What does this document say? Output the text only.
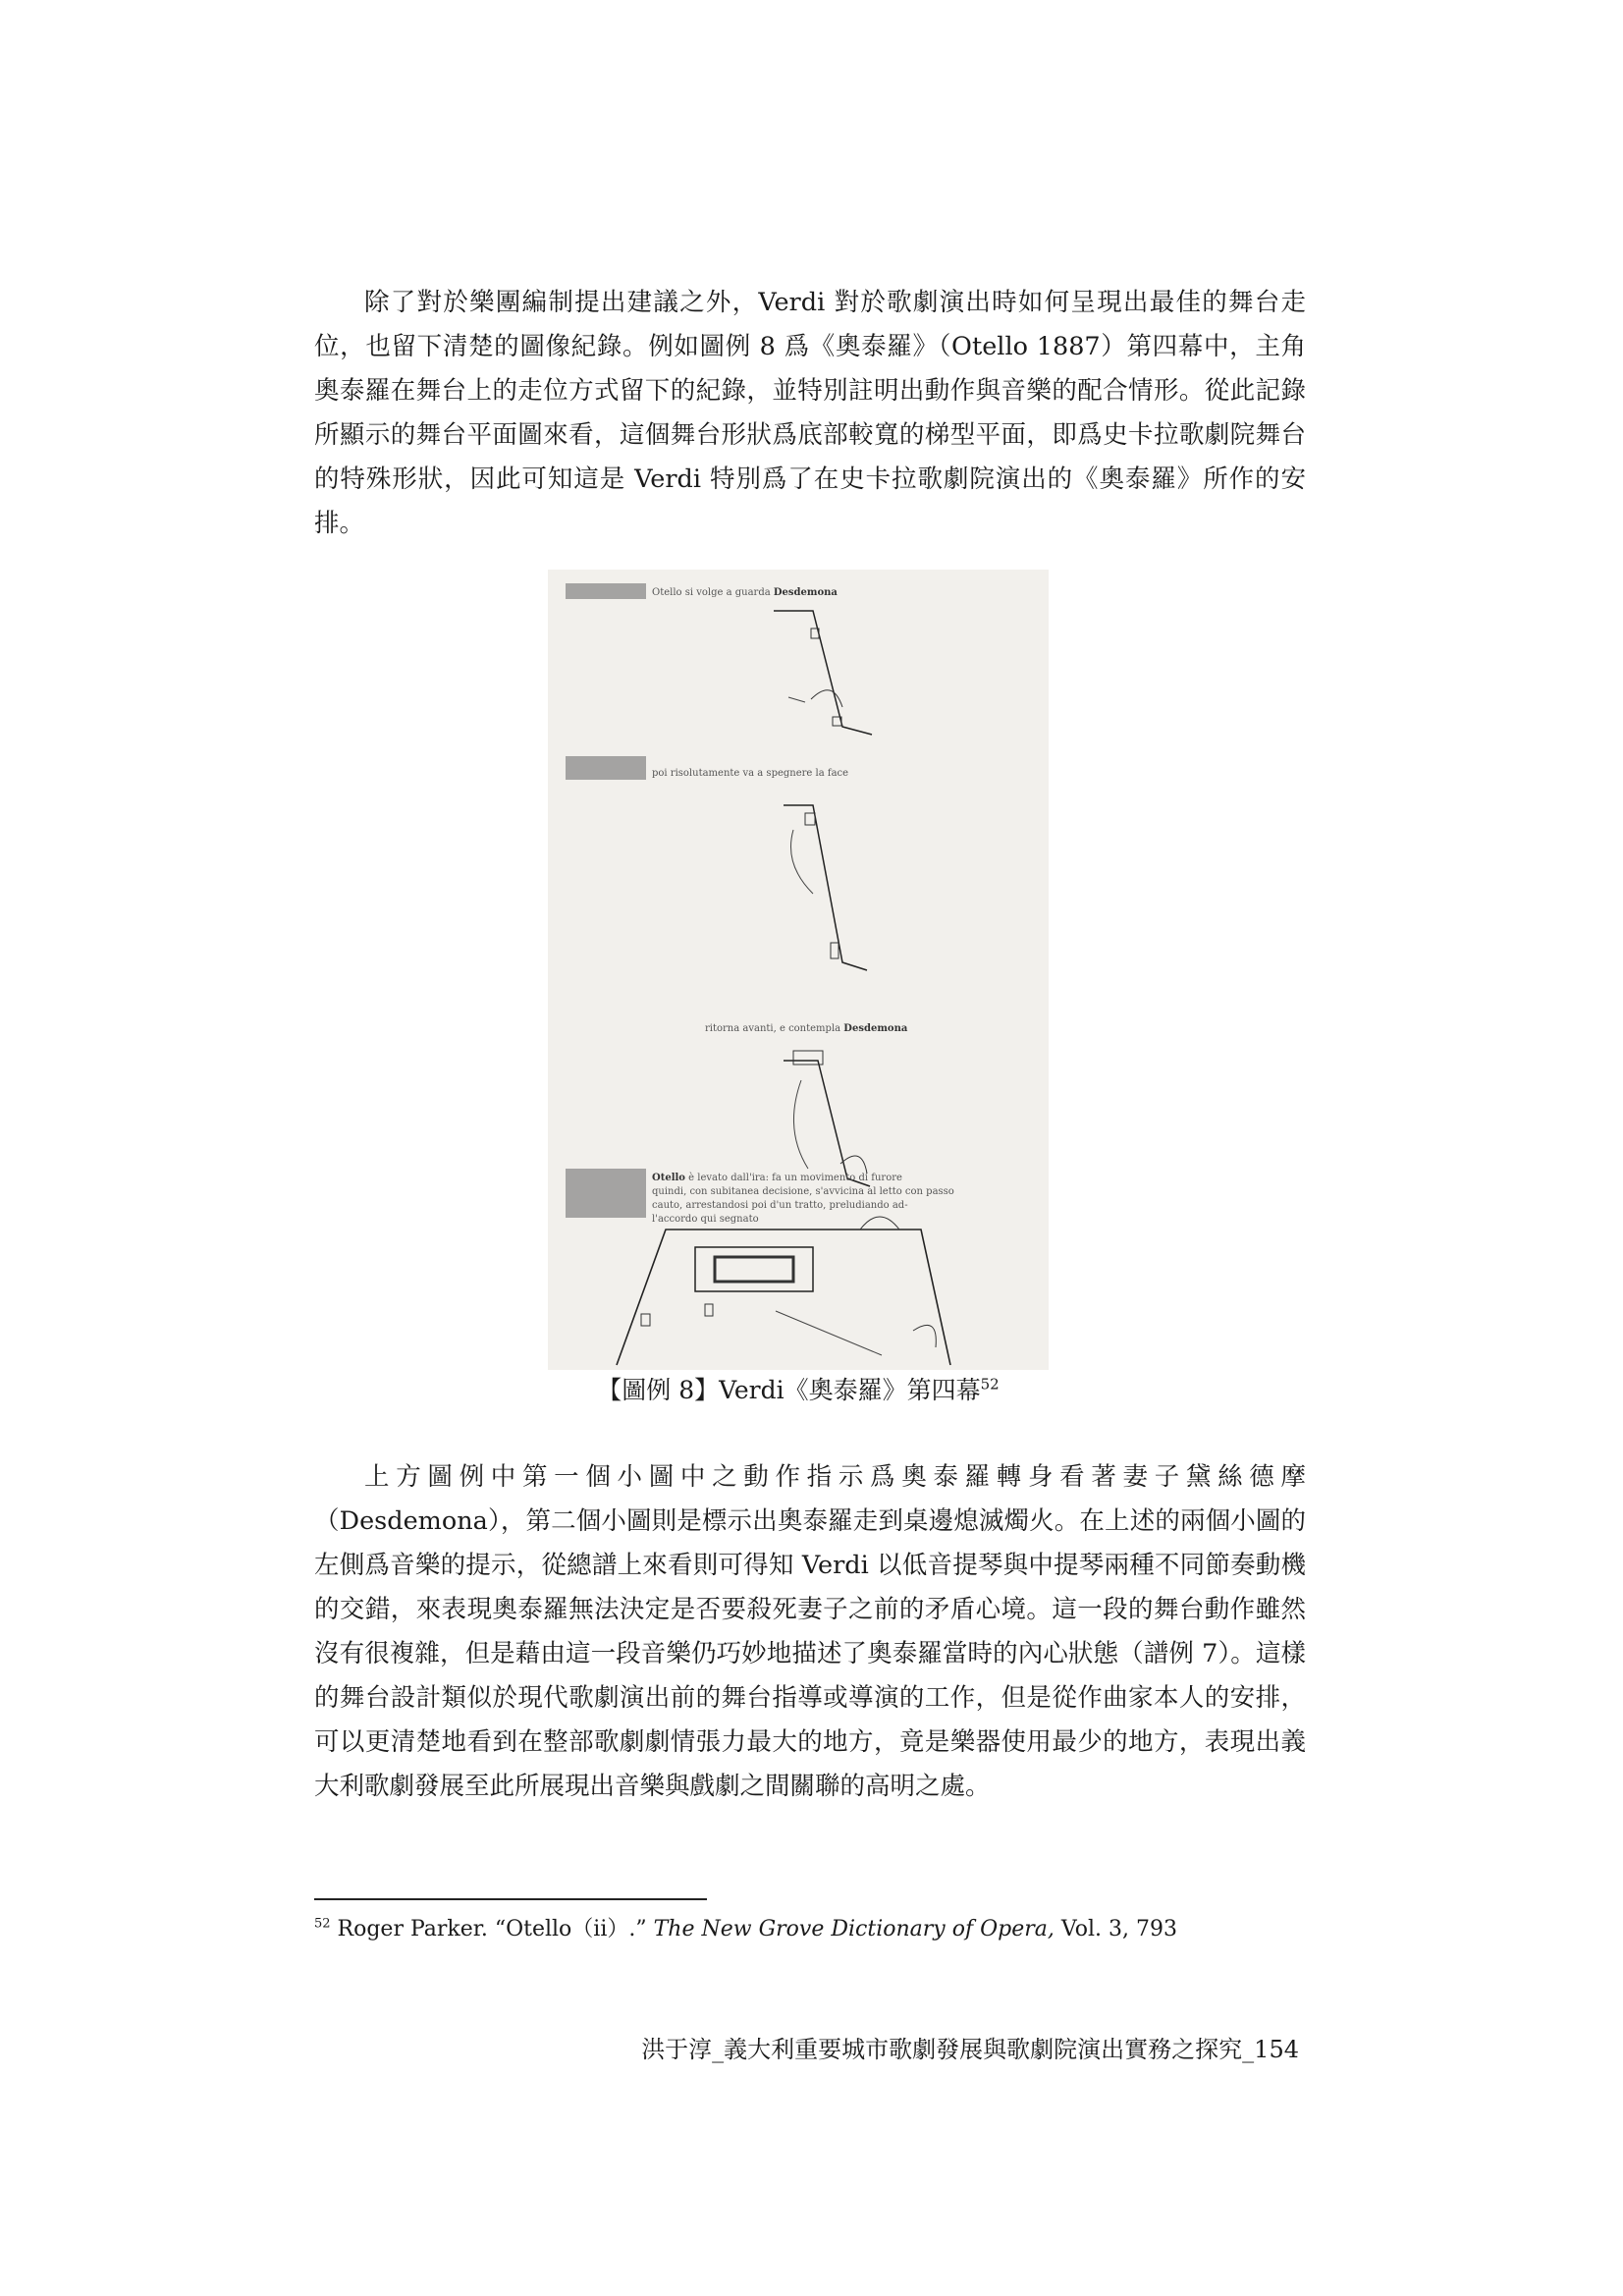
除了對於樂團編制提出建議之外，Verdi 對於歌劇演出時如何呈現出最佳的舞台走位，也留下清楚的圖像紀錄。例如圖例 8 爲《奧泰羅》（Otello 1887）第四幕中，主角奧泰羅在舞台上的走位方式留下的紀錄，並特別註明出動作與音樂的配合情形。從此記錄所顯示的舞台平面圖來看，這個舞台形狀爲底部較寬的梯型平面，即爲史卡拉歌劇院舞台的特殊形狀，因此可知這是 Verdi 特別爲了在史卡拉歌劇院演出的《奧泰羅》所作的安排。

Otello si volge a guarda Desdemona
poi risolutamente va a spegnere la face
ritorna avanti, e contempla Desdemona
Otello è levato dall'ira: fa un movimento di furore
quindi, con subitanea decisione, s'avvicina al letto con passo
cauto, arrestandosi poi d'un tratto, preludiando ad-
l'accordo qui segnato
【圖例 8】Verdi《奧泰羅》第四幕$^{52}$

上方圖例中第一個小圖中之動作指示爲奧泰羅轉身看著妻子黛絲德摩（Desdemona），第二個小圖則是標示出奧泰羅走到桌邊熄滅燭火。在上述的兩個小圖的左側爲音樂的提示，從總譜上來看則可得知 Verdi 以低音提琴與中提琴兩種不同節奏動機的交錯，來表現奧泰羅無法決定是否要殺死妻子之前的矛盾心境。這一段的舞台動作雖然沒有很複雜，但是藉由這一段音樂仍巧妙地描述了奧泰羅當時的內心狀態（譜例 7）。這樣的舞台設計類似於現代歌劇演出前的舞台指導或導演的工作，但是從作曲家本人的安排，可以更清楚地看到在整部歌劇劇情張力最大的地方，竟是樂器使用最少的地方，表現出義大利歌劇發展至此所展現出音樂與戲劇之間關聯的高明之處。

$^{52}$ Roger Parker. “Otello（ii）.” The New Grove Dictionary of Opera, Vol. 3, 793
洪于淳_義大利重要城市歌劇發展與歌劇院演出實務之探究_154
